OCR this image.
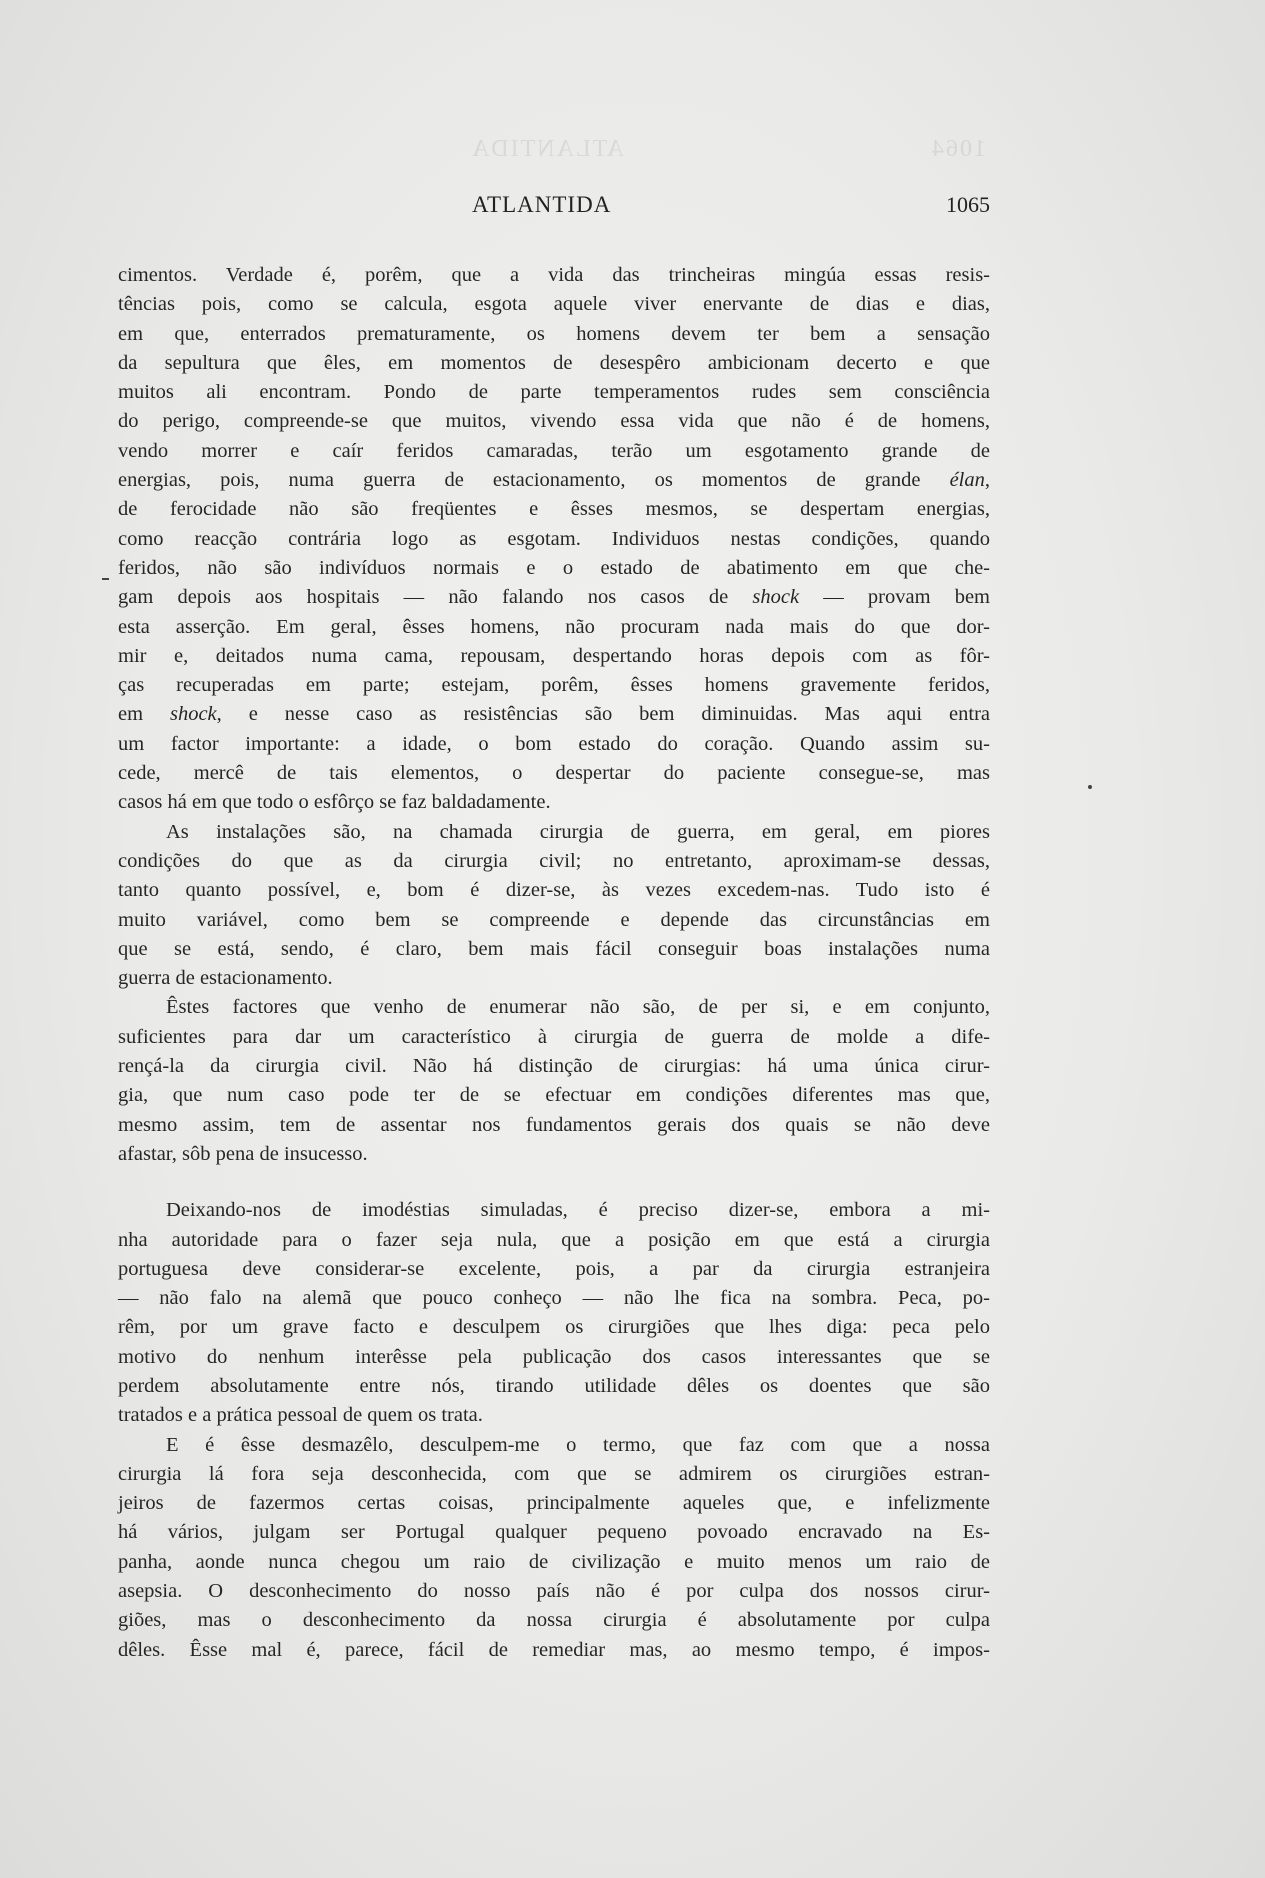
ATLANTIDA	1064
ATLANTIDA	1065
cimentos. Verdade é, porêm, que a vida das trincheiras mingúa essas resis-
tências pois, como se calcula, esgota aquele viver enervante de dias e dias,
em que, enterrados prematuramente, os homens devem ter bem a sensação
da sepultura que êles, em momentos de desespêro ambicionam decerto e que
muitos ali encontram. Pondo de parte temperamentos rudes sem consciência
do perigo, compreende-se que muitos, vivendo essa vida que não é de homens,
vendo morrer e caír feridos camaradas, terão um esgotamento grande de
energias, pois, numa guerra de estacionamento, os momentos de grande élan,
de ferocidade não são freqüentes e êsses mesmos, se despertam energias,
como reacção contrária logo as esgotam. Individuos nestas condições, quando
feridos, não são indivíduos normais e o estado de abatimento em que che-
gam depois aos hospitais — não falando nos casos de shock — provam bem
esta asserção. Em geral, êsses homens, não procuram nada mais do que dor-
mir e, deitados numa cama, repousam, despertando horas depois com as fôr-
ças recuperadas em parte; estejam, porêm, êsses homens gravemente feridos,
em shock, e nesse caso as resistências são bem diminuidas. Mas aqui entra
um factor importante: a idade, o bom estado do coração. Quando assim su-
cede, mercê de tais elementos, o despertar do paciente consegue-se, mas
casos há em que todo o esfôrço se faz baldadamente.
As instalações são, na chamada cirurgia de guerra, em geral, em piores
condições do que as da cirurgia civil; no entretanto, aproximam-se dessas,
tanto quanto possível, e, bom é dizer-se, às vezes excedem-nas. Tudo isto é
muito variável, como bem se compreende e depende das circunstâncias em
que se está, sendo, é claro, bem mais fácil conseguir boas instalações numa
guerra de estacionamento.
Êstes factores que venho de enumerar não são, de per si, e em conjunto,
suficientes para dar um característico à cirurgia de guerra de molde a dife-
rençá-la da cirurgia civil. Não há distinção de cirurgias: há uma única cirur-
gia, que num caso pode ter de se efectuar em condições diferentes mas que,
mesmo assim, tem de assentar nos fundamentos gerais dos quais se não deve
afastar, sôb pena de insucesso.
Deixando-nos de imodéstias simuladas, é preciso dizer-se, embora a mi-
nha autoridade para o fazer seja nula, que a posição em que está a cirurgia
portuguesa deve considerar-se excelente, pois, a par da cirurgia estranjeira
— não falo na alemã que pouco conheço — não lhe fica na sombra. Peca, po-
rêm, por um grave facto e desculpem os cirurgiões que lhes diga: peca pelo
motivo do nenhum interêsse pela publicação dos casos interessantes que se
perdem absolutamente entre nós, tirando utilidade dêles os doentes que são
tratados e a prática pessoal de quem os trata.
E é êsse desmazêlo, desculpem-me o termo, que faz com que a nossa
cirurgia lá fora seja desconhecida, com que se admirem os cirurgiões estran-
jeiros de fazermos certas coisas, principalmente aqueles que, e infelizmente
há vários, julgam ser Portugal qualquer pequeno povoado encravado na Es-
panha, aonde nunca chegou um raio de civilização e muito menos um raio de
asepsia. O desconhecimento do nosso país não é por culpa dos nossos cirur-
giões, mas o desconhecimento da nossa cirurgia é absolutamente por culpa
dêles. Êsse mal é, parece, fácil de remediar mas, ao mesmo tempo, é impos-
